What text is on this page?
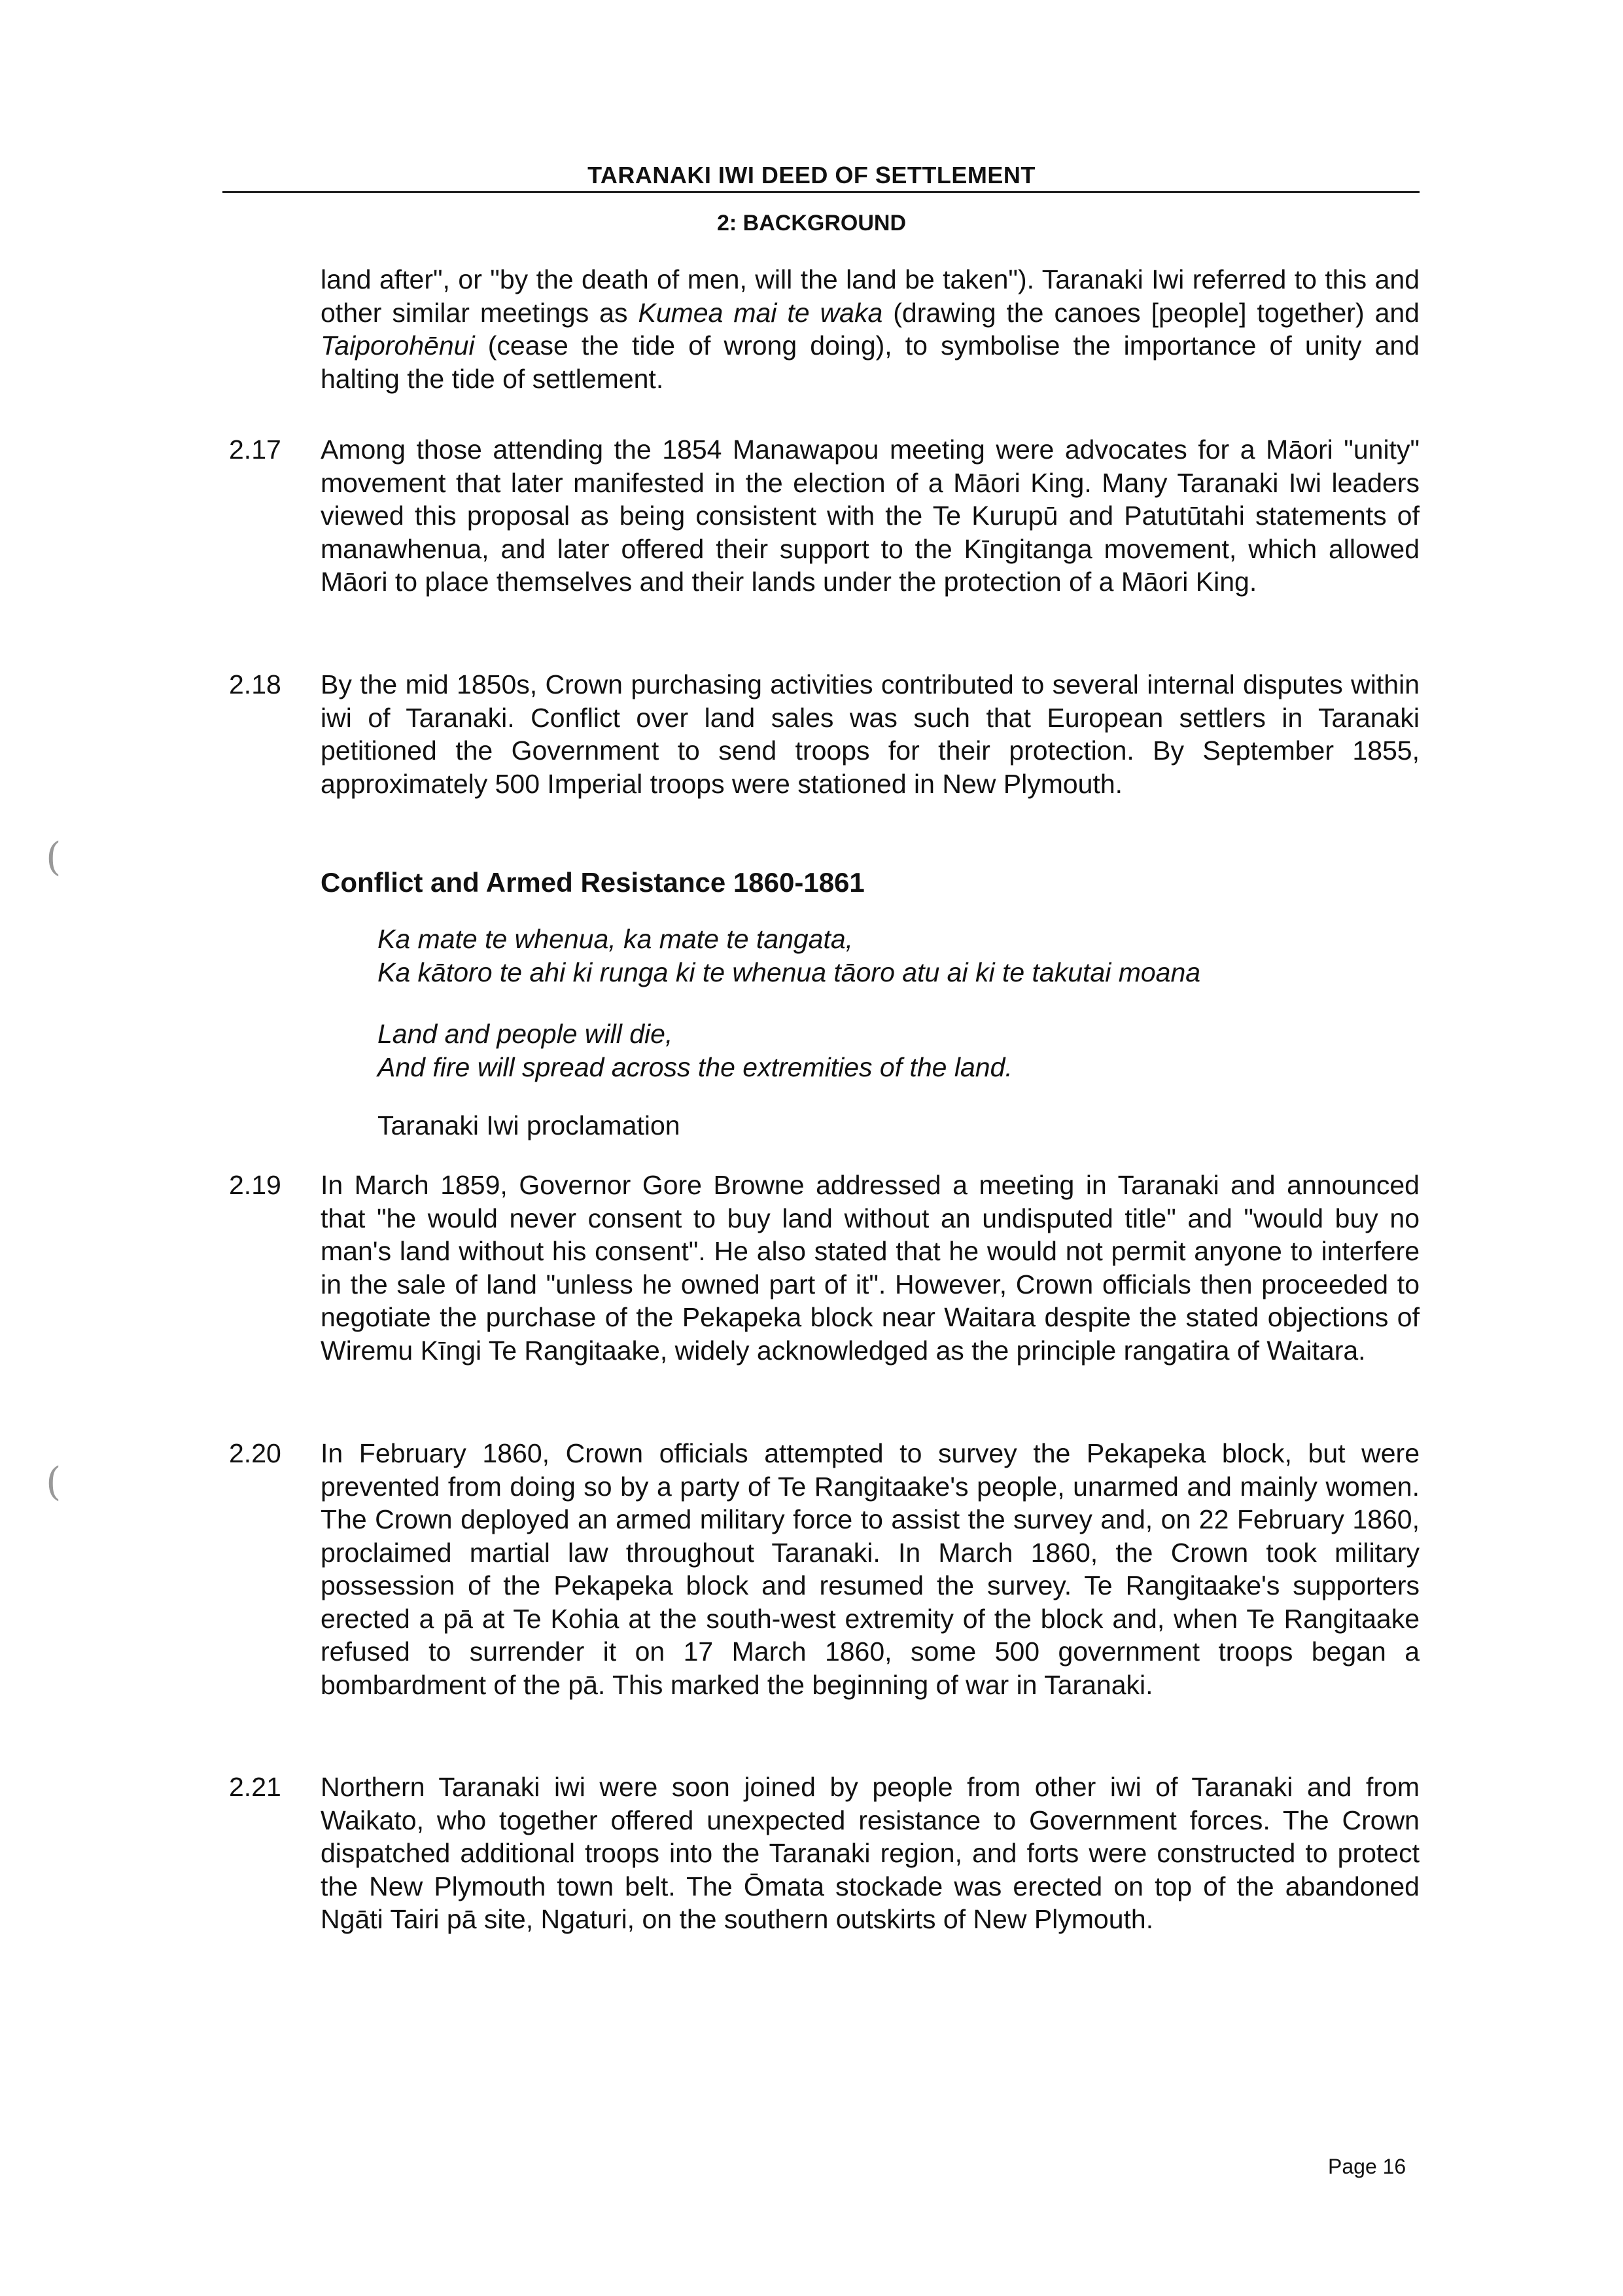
TARANAKI IWI DEED OF SETTLEMENT
2: BACKGROUND
land after", or "by the death of men, will the land be taken"). Taranaki Iwi referred to this and other similar meetings as Kumea mai te waka (drawing the canoes [people] together) and Taiporohēnui (cease the tide of wrong doing), to symbolise the importance of unity and halting the tide of settlement.
2.17 Among those attending the 1854 Manawapou meeting were advocates for a Māori "unity" movement that later manifested in the election of a Māori King. Many Taranaki Iwi leaders viewed this proposal as being consistent with the Te Kurupū and Patutūtahi statements of manawhenua, and later offered their support to the Kīngitanga movement, which allowed Māori to place themselves and their lands under the protection of a Māori King.
2.18 By the mid 1850s, Crown purchasing activities contributed to several internal disputes within iwi of Taranaki. Conflict over land sales was such that European settlers in Taranaki petitioned the Government to send troops for their protection. By September 1855, approximately 500 Imperial troops were stationed in New Plymouth.
Conflict and Armed Resistance 1860-1861
Ka mate te whenua, ka mate te tangata,
Ka kātoro te ahi ki runga ki te whenua tāoro atu ai ki te takutai moana
Land and people will die,
And fire will spread across the extremities of the land.
Taranaki Iwi proclamation
2.19 In March 1859, Governor Gore Browne addressed a meeting in Taranaki and announced that "he would never consent to buy land without an undisputed title" and "would buy no man's land without his consent". He also stated that he would not permit anyone to interfere in the sale of land "unless he owned part of it". However, Crown officials then proceeded to negotiate the purchase of the Pekapeka block near Waitara despite the stated objections of Wiremu Kīngi Te Rangitaake, widely acknowledged as the principle rangatira of Waitara.
2.20 In February 1860, Crown officials attempted to survey the Pekapeka block, but were prevented from doing so by a party of Te Rangitaake's people, unarmed and mainly women. The Crown deployed an armed military force to assist the survey and, on 22 February 1860, proclaimed martial law throughout Taranaki. In March 1860, the Crown took military possession of the Pekapeka block and resumed the survey. Te Rangitaake's supporters erected a pā at Te Kohia at the south-west extremity of the block and, when Te Rangitaake refused to surrender it on 17 March 1860, some 500 government troops began a bombardment of the pā. This marked the beginning of war in Taranaki.
2.21 Northern Taranaki iwi were soon joined by people from other iwi of Taranaki and from Waikato, who together offered unexpected resistance to Government forces. The Crown dispatched additional troops into the Taranaki region, and forts were constructed to protect the New Plymouth town belt. The Ōmata stockade was erected on top of the abandoned Ngāti Tairi pā site, Ngaturi, on the southern outskirts of New Plymouth.
(
(
Page 16
